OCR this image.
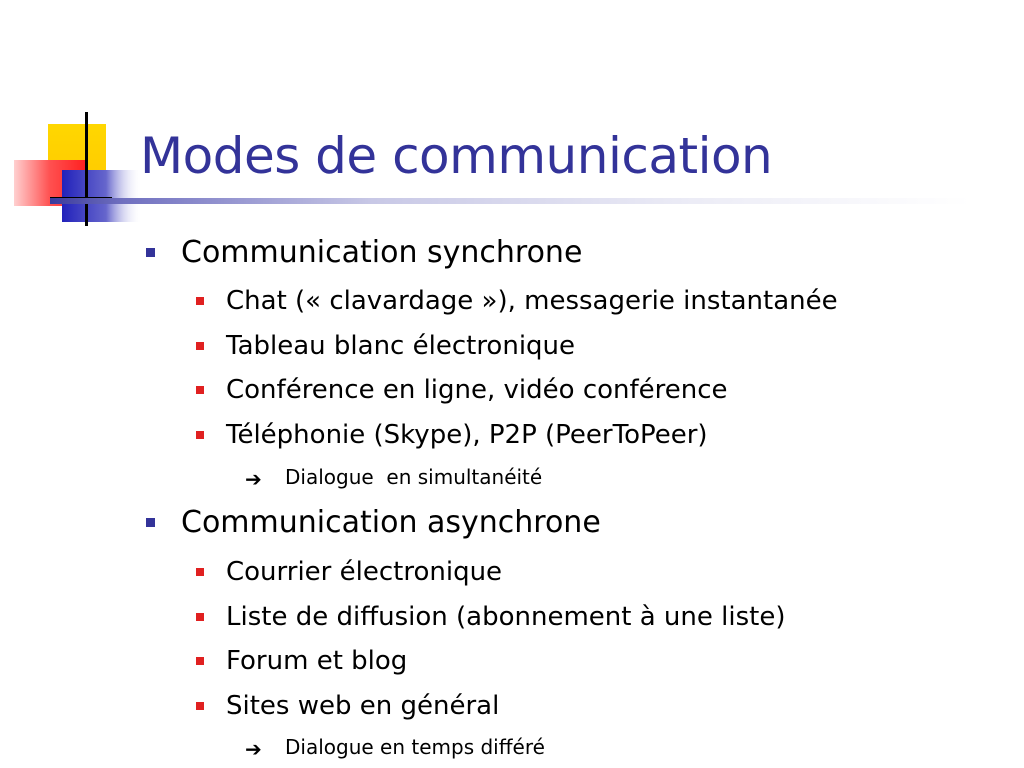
Modes de communication
Communication synchrone
Chat (« clavardage »), messagerie instantanée
Tableau blanc électronique
Conférence en ligne, vidéo conférence
Téléphonie (Skype), P2P (PeerToPeer)
➔ Dialogue  en simultanéité
Communication asynchrone
Courrier électronique
Liste de diffusion (abonnement à une liste)
Forum et blog
Sites web en général
➔ Dialogue en temps différé
